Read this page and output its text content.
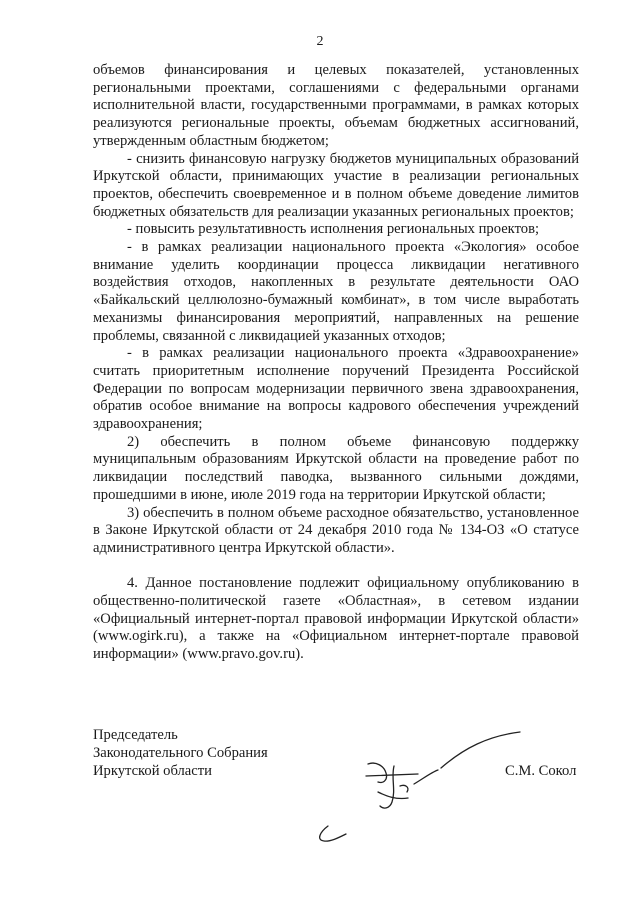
2

объемов финансирования и целевых показателей, установленных региональными проектами, соглашениями с федеральными органами исполнительной власти, государственными программами, в рамках которых реализуются региональные проекты, объемам бюджетных ассигнований, утвержденным областным бюджетом;

- снизить финансовую нагрузку бюджетов муниципальных образований Иркутской области, принимающих участие в реализации региональных проектов, обеспечить своевременное и в полном объеме доведение лимитов бюджетных обязательств для реализации указанных региональных проектов;

- повысить результативность исполнения региональных проектов;

- в рамках реализации национального проекта «Экология» особое внимание уделить координации процесса ликвидации негативного воздействия отходов, накопленных в результате деятельности ОАО «Байкальский целлюлозно-бумажный комбинат», в том числе выработать механизмы финансирования мероприятий, направленных на решение проблемы, связанной с ликвидацией указанных отходов;

- в рамках реализации национального проекта «Здравоохранение» считать приоритетным исполнение поручений Президента Российской Федерации по вопросам модернизации первичного звена здравоохранения, обратив особое внимание на вопросы кадрового обеспечения учреждений здравоохранения;

2) обеспечить в полном объеме финансовую поддержку муниципальным образованиям Иркутской области на проведение работ по ликвидации последствий паводка, вызванного сильными дождями, прошедшими в июне, июле 2019 года на территории Иркутской области;

3) обеспечить в полном объеме расходное обязательство, установленное в Законе Иркутской области от 24 декабря 2010 года № 134-ОЗ «О статусе административного центра Иркутской области».

4. Данное постановление подлежит официальному опубликованию в общественно-политической газете «Областная», в сетевом издании «Официальный интернет-портал правовой информации Иркутской области» (www.ogirk.ru), а также на «Официальном интернет-портале правовой информации» (www.pravo.gov.ru).

Председатель
Законодательного Собрания
Иркутской области	С.М. Сокол
